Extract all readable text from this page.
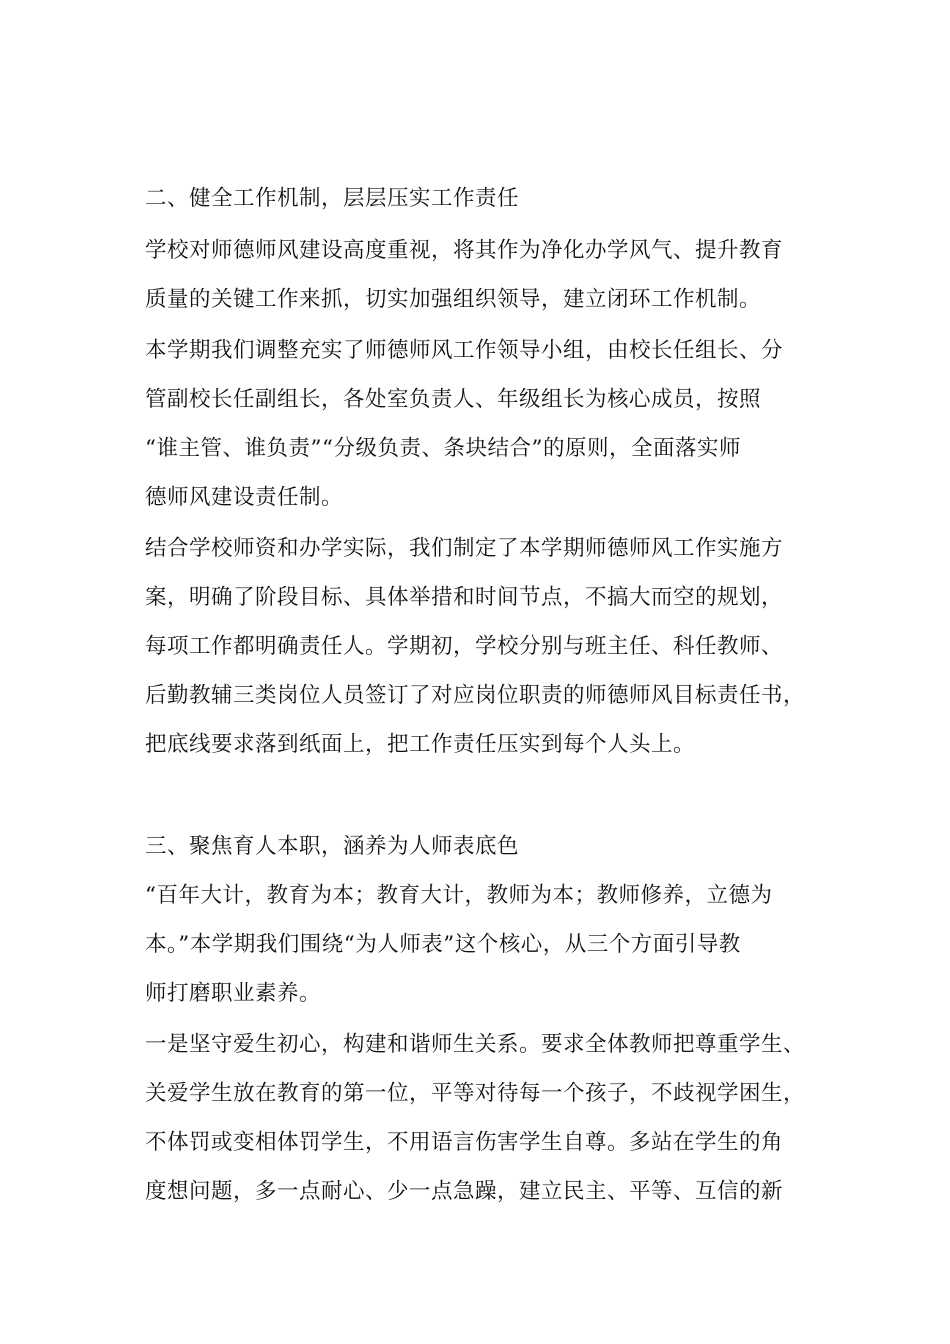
二、健全工作机制，层层压实工作责任
学校对师德师风建设高度重视，将其作为净化办学风气、提升教育
质量的关键工作来抓，切实加强组织领导，建立闭环工作机制。
本学期我们调整充实了师德师风工作领导小组，由校长任组长、分
管副校长任副组长，各处室负责人、年级组长为核心成员，按照
“谁主管、谁负责”“分级负责、条块结合”的原则，全面落实师
德师风建设责任制。
结合学校师资和办学实际，我们制定了本学期师德师风工作实施方
案，明确了阶段目标、具体举措和时间节点，不搞大而空的规划，
每项工作都明确责任人。学期初，学校分别与班主任、科任教师、
后勤教辅三类岗位人员签订了对应岗位职责的师德师风目标责任书，
把底线要求落到纸面上，把工作责任压实到每个人头上。
三、聚焦育人本职，涵养为人师表底色
“百年大计，教育为本；教育大计，教师为本；教师修养，立德为
本。”本学期我们围绕“为人师表”这个核心，从三个方面引导教
师打磨职业素养。
一是坚守爱生初心，构建和谐师生关系。要求全体教师把尊重学生、
关爱学生放在教育的第一位，平等对待每一个孩子，不歧视学困生，
不体罚或变相体罚学生，不用语言伤害学生自尊。多站在学生的角
度想问题，多一点耐心、少一点急躁，建立民主、平等、互信的新
